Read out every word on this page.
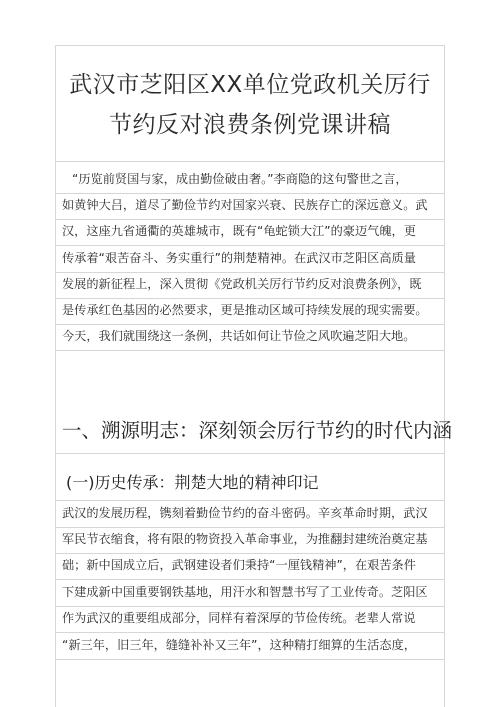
武汉市芝阳区XX单位党政机关厉行
节约反对浪费条例党课讲稿
“历览前贤国与家，成由勤俭破由奢。”李商隐的这句警世之言，
如黄钟大吕，道尽了勤俭节约对国家兴衰、民族存亡的深远意义。武
汉，这座九省通衢的英雄城市，既有“龟蛇锁大江”的豪迈气魄，更
传承着“艰苦奋斗、务实重行”的荆楚精神。在武汉市芝阳区高质量
发展的新征程上，深入贯彻《党政机关厉行节约反对浪费条例》，既
是传承红色基因的必然要求，更是推动区域可持续发展的现实需要。
今天，我们就围绕这一条例，共话如何让节俭之风吹遍芝阳大地。
一、溯源明志：深刻领会厉行节约的时代内涵
(一)历史传承：荆楚大地的精神印记
武汉的发展历程，镌刻着勤俭节约的奋斗密码。辛亥革命时期，武汉
军民节衣缩食，将有限的物资投入革命事业，为推翻封建统治奠定基
础；新中国成立后，武钢建设者们秉持“一厘钱精神”，在艰苦条件
下建成新中国重要钢铁基地，用汗水和智慧书写了工业传奇。芝阳区
作为武汉的重要组成部分，同样有着深厚的节俭传统。老辈人常说
“新三年，旧三年，缝缝补补又三年”，这种精打细算的生活态度，
